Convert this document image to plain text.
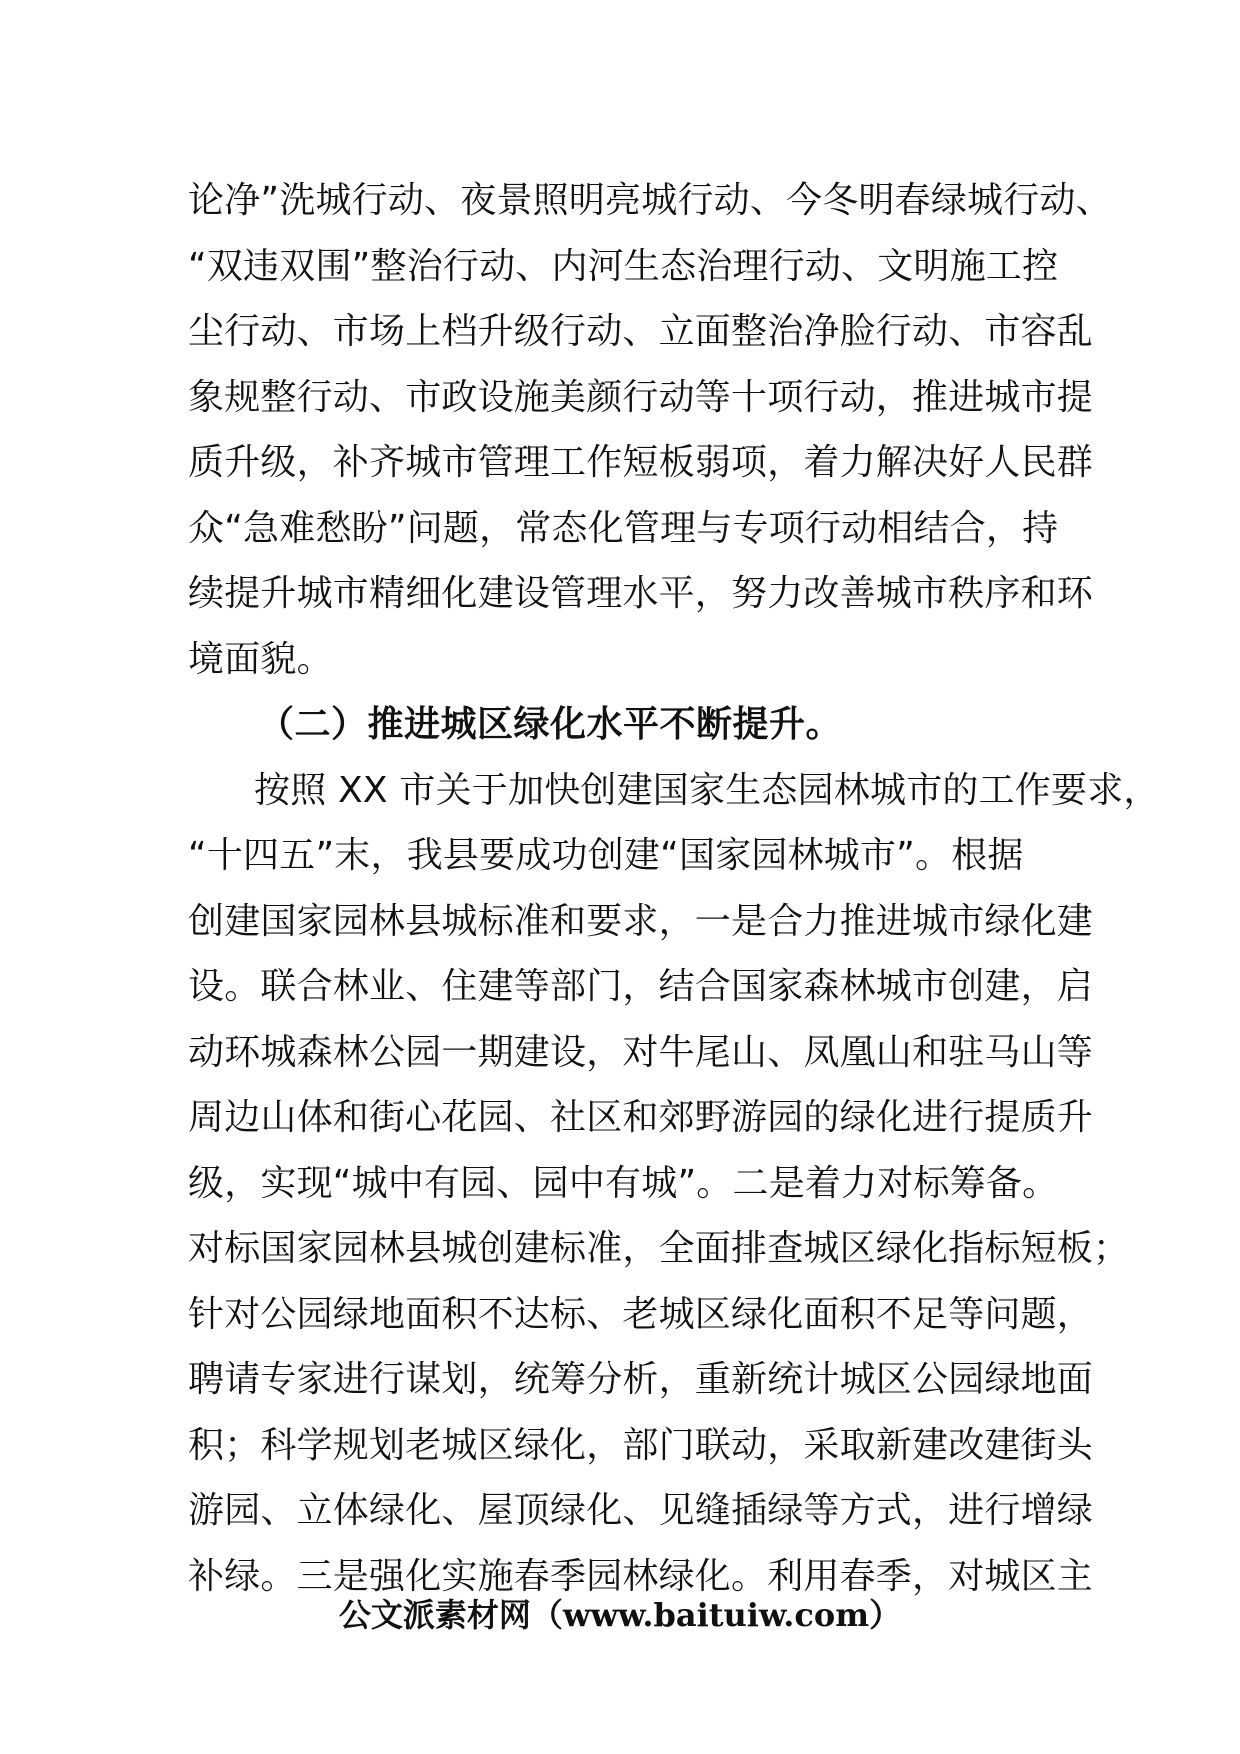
论净”洗城行动、夜景照明亮城行动、今冬明春绿城行动、
“双违双围”整治行动、内河生态治理行动、文明施工控
尘行动、市场上档升级行动、立面整治净脸行动、市容乱
象规整行动、市政设施美颜行动等十项行动，推进城市提
质升级，补齐城市管理工作短板弱项，着力解决好人民群
众“急难愁盼”问题，常态化管理与专项行动相结合，持
续提升城市精细化建设管理水平，努力改善城市秩序和环
境面貌。
（二）推进城区绿化水平不断提升。
按照 XX 市关于加快创建国家生态园林城市的工作要求，
“十四五”末，我县要成功创建“国家园林城市”。根据
创建国家园林县城标准和要求，一是合力推进城市绿化建
设。联合林业、住建等部门，结合国家森林城市创建，启
动环城森林公园一期建设，对牛尾山、凤凰山和驻马山等
周边山体和街心花园、社区和郊野游园的绿化进行提质升
级，实现“城中有园、园中有城”。二是着力对标筹备。
对标国家园林县城创建标准，全面排查城区绿化指标短板；
针对公园绿地面积不达标、老城区绿化面积不足等问题，
聘请专家进行谋划，统筹分析，重新统计城区公园绿地面
积；科学规划老城区绿化，部门联动，采取新建改建街头
游园、立体绿化、屋顶绿化、见缝插绿等方式，进行增绿
补绿。三是强化实施春季园林绿化。利用春季，对城区主
公文派素材网（www.baituiw.com）
